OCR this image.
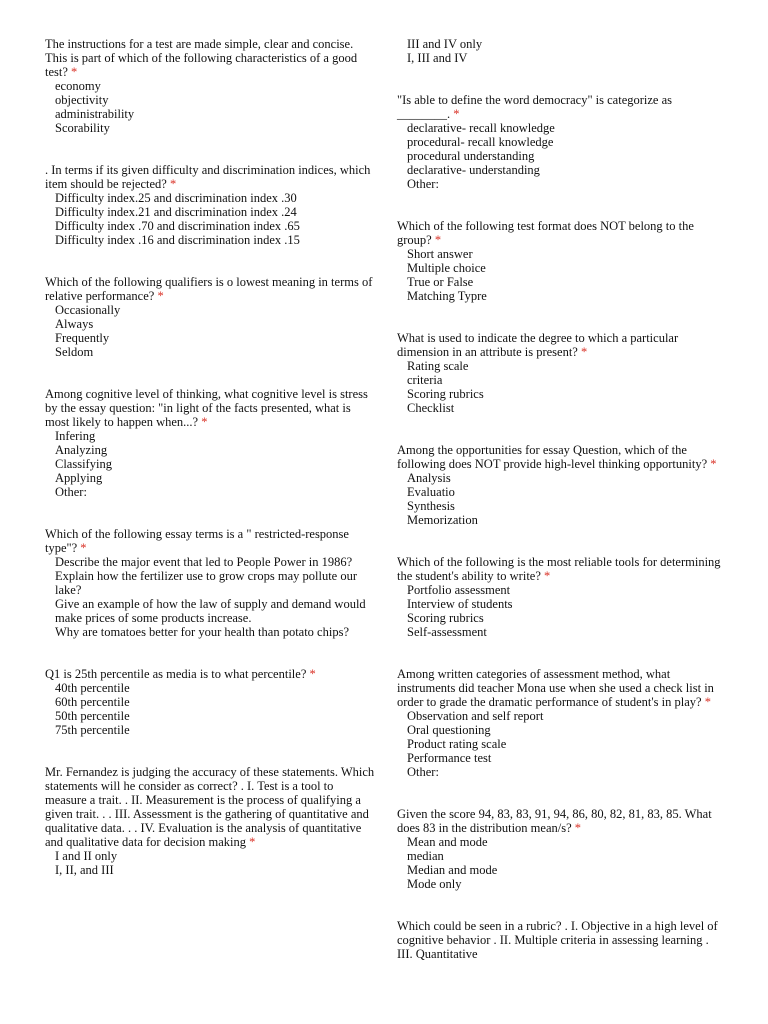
The instructions for a test are made simple, clear and concise. This is part of which of the following characteristics of a good test? *
economy
objectivity
administrability
Scorability
. In terms if its given difficulty and discrimination indices, which item should be rejected? *
Difficulty index.25 and discrimination index .30
Difficulty index.21 and discrimination index .24
Difficulty index .70 and discrimination index .65
Difficulty index .16 and discrimination index .15
Which of the following qualifiers is o lowest meaning in terms of relative performance? *
Occasionally
Always
Frequently
Seldom
Among cognitive level of thinking, what cognitive level is stress by the essay question: "in light of the facts presented, what is most likely to happen when...? *
Infering
Analyzing
Classifying
Applying
Other:
Which of the following essay terms is a " restricted-response type"? *
Describe the major event that led to People Power in 1986?
Explain how the fertilizer use to grow crops may pollute our lake?
Give an example of how the law of supply and demand would make prices of some products increase.
Why are tomatoes better for your health than potato chips?
Q1 is 25th percentile as media is to what percentile? *
40th percentile
60th percentile
50th percentile
75th percentile
Mr. Fernandez is judging the accuracy of these statements. Which statements will he consider as correct? . I. Test is a tool to measure a trait. . II. Measurement is the process of qualifying a given trait. . . III. Assessment is the gathering of quantitative and qualitative data. . . IV. Evaluation is the analysis of quantitative and qualitative data for decision making *
I and II only
I, II, and III
III and IV only
I, III and IV
"Is able to define the word democracy" is categorize as ________. *
declarative- recall knowledge
procedural- recall knowledge
procedural understanding
declarative- understanding
Other:
Which of the following test format does NOT belong to the group? *
Short answer
Multiple choice
True or False
Matching Typre
What is used to indicate the degree to which a particular dimension in an attribute is present? *
Rating scale
criteria
Scoring rubrics
Checklist
Among the opportunities for essay Question, which of the following does NOT provide high-level thinking opportunity? *
Analysis
Evaluatio
Synthesis
Memorization
Which of the following is the most reliable tools for determining the student's ability to write? *
Portfolio assessment
Interview of students
Scoring rubrics
Self-assessment
Among written categories of assessment method, what instruments did teacher Mona use when she used a check list in order to grade the dramatic performance of student's in play? *
Observation and self report
Oral questioning
Product rating scale
Performance test
Other:
Given the score 94, 83, 83, 91, 94, 86, 80, 82, 81, 83, 85. What does 83 in the distribution mean/s? *
Mean and mode
median
Median and mode
Mode only
Which could be seen in a rubric? . I. Objective in a high level of cognitive behavior . II. Multiple criteria in assessing learning . III. Quantitative
